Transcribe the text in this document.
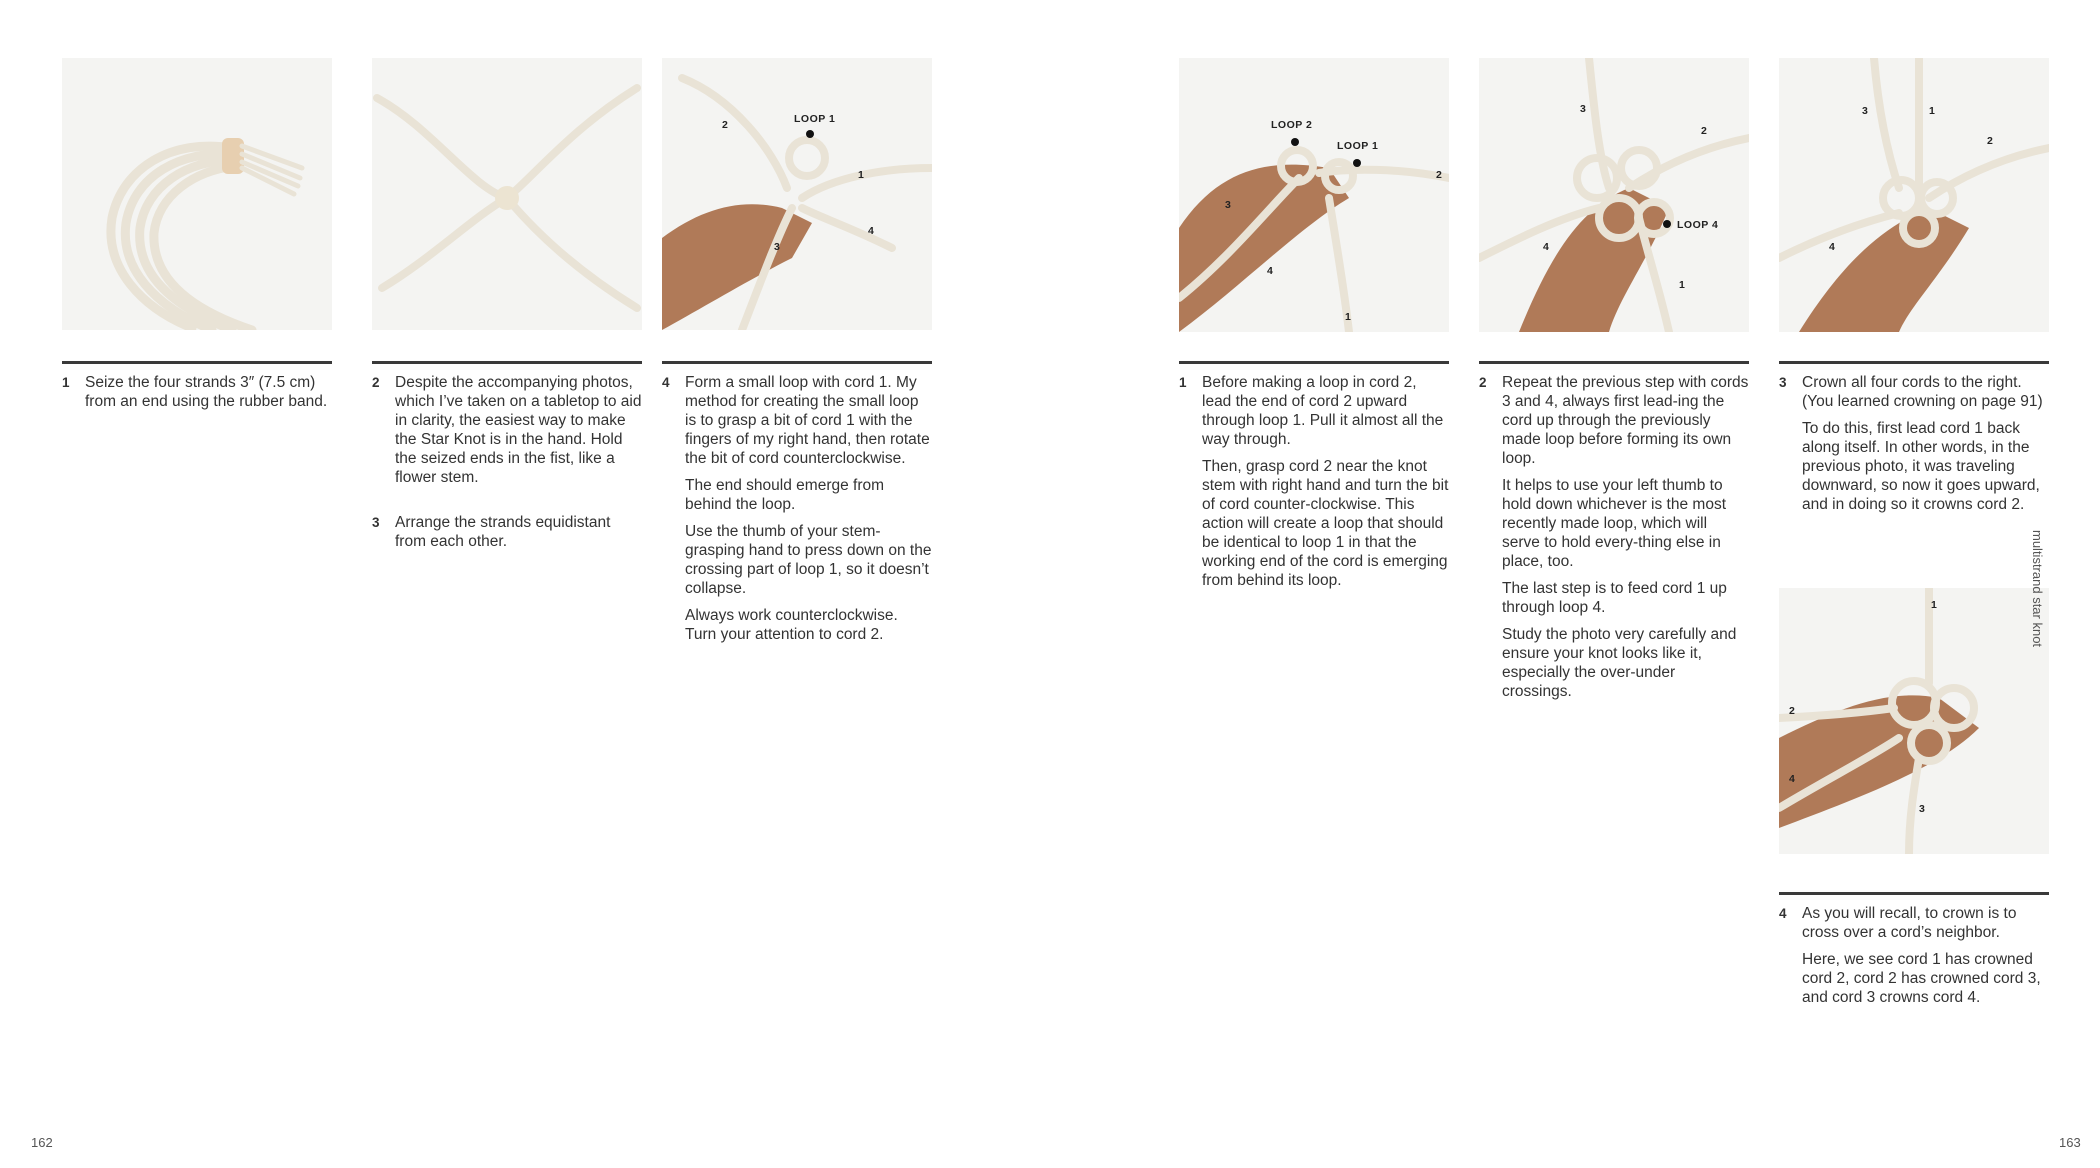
LOOP 1
2
1
4
3
1 Seize the four strands 3″ (7.5 cm) from an end using the rubber band.

2 Despite the accompanying photos, which I’ve taken on a tabletop to aid in clarity, the easiest way to make the Star Knot is in the hand. Hold the seized ends in the fist, like a flower stem.

3 Arrange the strands equidistant from each other.

4 Form a small loop with cord 1. My method for creating the small loop is to grasp a bit of cord 1 with the fingers of my right hand, then rotate the bit of cord counterclockwise.

The end should emerge from behind the loop.

Use the thumb of your stem-grasping hand to press down on the crossing part of loop 1, so it doesn’t collapse.

Always work counterclockwise. Turn your attention to cord 2.

162
LOOP 2
LOOP 1
2
3
4
1
3
2
LOOP 4
4
1
3	1
2
4
1
2
4
3
1 Before making a loop in cord 2, lead the end of cord 2 upward through loop 1. Pull it almost all the way through.

Then, grasp cord 2 near the knot stem with right hand and turn the bit of cord counter-clockwise. This action will create a loop that should be identical to loop 1 in that the working end of the cord is emerging from behind its loop.

2 Repeat the previous step with cords 3 and 4, always first lead-ing the cord up through the previously made loop before forming its own loop.

It helps to use your left thumb to hold down whichever is the most recently made loop, which will serve to hold every-thing else in place, too.

The last step is to feed cord 1 up through loop 4.

Study the photo very carefully and ensure your knot looks like it, especially the over-under crossings.

3 Crown all four cords to the right. (You learned crowning on page 91)

To do this, first lead cord 1 back along itself. In other words, in the previous photo, it was traveling downward, so now it goes upward, and in doing so it crowns cord 2.

4 As you will recall, to crown is to cross over a cord’s neighbor.

Here, we see cord 1 has crowned cord 2, cord 2 has crowned cord 3, and cord 3 crowns cord 4.

multistrand star knot
163
